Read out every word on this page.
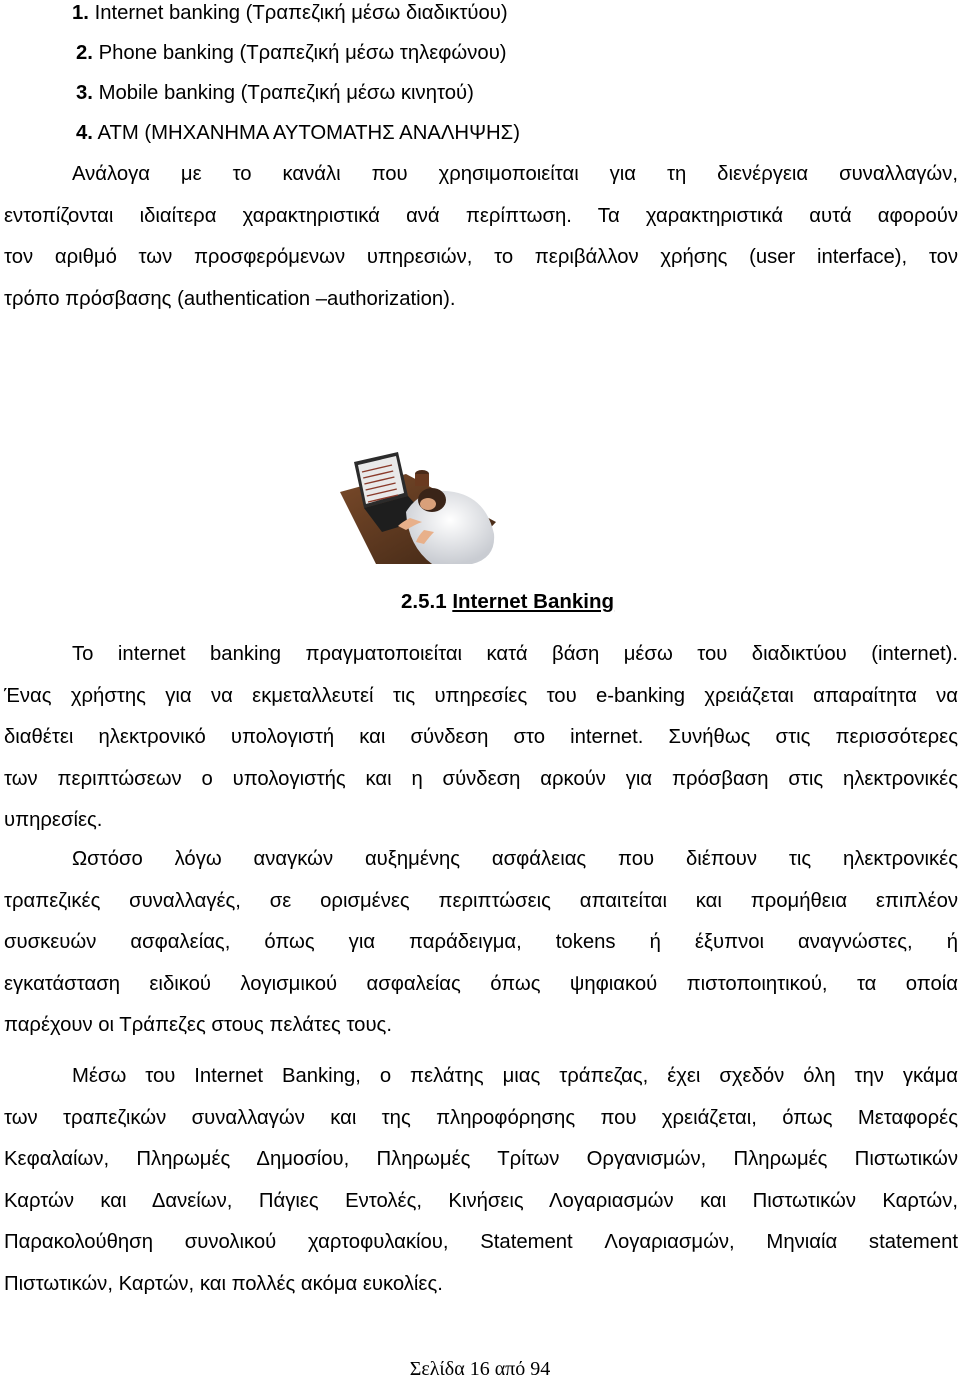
1. Internet banking (Τραπεζική μέσω διαδικτύου)
2. Phone banking (Τραπεζική μέσω τηλεφώνου)
3. Mobile banking (Τραπεζική μέσω κινητού)
4. ATM (ΜΗΧΑΝΗΜΑ ΑΥΤΟΜΑΤΗΣ ΑΝΑΛΗΨΗΣ)
Ανάλογα με το κανάλι που χρησιμοποιείται για τη διενέργεια συναλλαγών,
εντοπίζονται ιδιαίτερα χαρακτηριστικά ανά περίπτωση. Τα χαρακτηριστικά αυτά αφορούν
τον αριθμό των προσφερόμενων υπηρεσιών, το περιβάλλον χρήσης (user interface), τον
τρόπο πρόσβασης (authentication –authorization).
2.5.1 Internet Banking
Το internet banking πραγματοποιείται κατά βάση μέσω του διαδικτύου (internet).
Ένας χρήστης για να εκμεταλλευτεί τις υπηρεσίες του e-banking χρειάζεται απαραίτητα να
διαθέτει ηλεκτρονικό υπολογιστή και σύνδεση στο internet. Συνήθως στις περισσότερες
των περιπτώσεων ο υπολογιστής και η σύνδεση αρκούν για πρόσβαση στις ηλεκτρονικές
υπηρεσίες.
Ωστόσο λόγω αναγκών αυξημένης ασφάλειας που διέπουν τις ηλεκτρονικές
τραπεζικές συναλλαγές, σε ορισμένες περιπτώσεις απαιτείται και προμήθεια επιπλέον
συσκευών ασφαλείας, όπως για παράδειγμα, tokens ή έξυπνοι αναγνώστες, ή
εγκατάσταση ειδικού λογισμικού ασφαλείας όπως ψηφιακού πιστοποιητικού, τα οποία
παρέχουν οι Τράπεζες στους πελάτες τους.
Μέσω του Internet Banking, ο πελάτης μιας τράπεζας, έχει σχεδόν όλη την γκάμα
των τραπεζικών συναλλαγών και της πληροφόρησης που χρειάζεται, όπως Μεταφορές
Κεφαλαίων, Πληρωμές Δημοσίου, Πληρωμές Τρίτων Οργανισμών, Πληρωμές Πιστωτικών
Καρτών και Δανείων, Πάγιες Εντολές, Κινήσεις Λογαριασμών και Πιστωτικών Καρτών,
Παρακολούθηση συνολικού χαρτοφυλακίου, Statement Λογαριασμών, Μηνιαία statement
Πιστωτικών, Καρτών, και πολλές ακόμα ευκολίες.
Σελίδα 16 από 94
